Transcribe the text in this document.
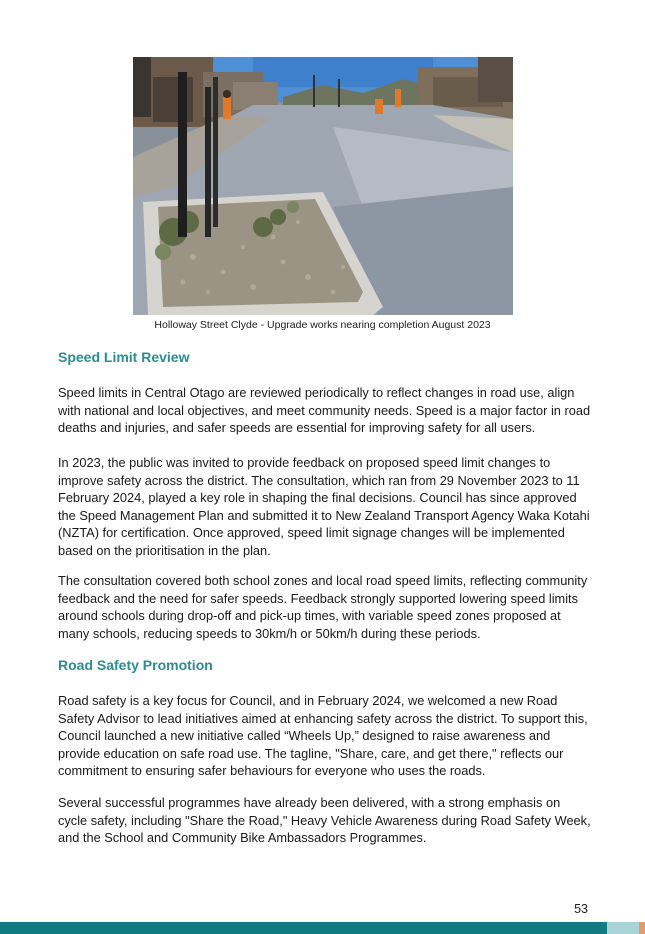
Holloway Street Clyde - Upgrade works nearing completion August 2023
Speed Limit Review

Speed limits in Central Otago are reviewed periodically to reflect changes in road use, align with national and local objectives, and meet community needs. Speed is a major factor in road deaths and injuries, and safer speeds are essential for improving safety for all users.

In 2023, the public was invited to provide feedback on proposed speed limit changes to improve safety across the district. The consultation, which ran from 29 November 2023 to 11 February 2024, played a key role in shaping the final decisions. Council has since approved the Speed Management Plan and submitted it to New Zealand Transport Agency Waka Kotahi (NZTA) for certification. Once approved, speed limit signage changes will be implemented based on the prioritisation in the plan.

The consultation covered both school zones and local road speed limits, reflecting community feedback and the need for safer speeds. Feedback strongly supported lowering speed limits around schools during drop-off and pick-up times, with variable speed zones proposed at many schools, reducing speeds to 30km/h or 50km/h during these periods.

Road Safety Promotion

Road safety is a key focus for Council, and in February 2024, we welcomed a new Road Safety Advisor to lead initiatives aimed at enhancing safety across the district. To support this, Council launched a new initiative called “Wheels Up,” designed to raise awareness and provide education on safe road use. The tagline, "Share, care, and get there," reflects our commitment to ensuring safer behaviours for everyone who uses the roads.

Several successful programmes have already been delivered, with a strong emphasis on cycle safety, including "Share the Road," Heavy Vehicle Awareness during Road Safety Week, and the School and Community Bike Ambassadors Programmes.

53
